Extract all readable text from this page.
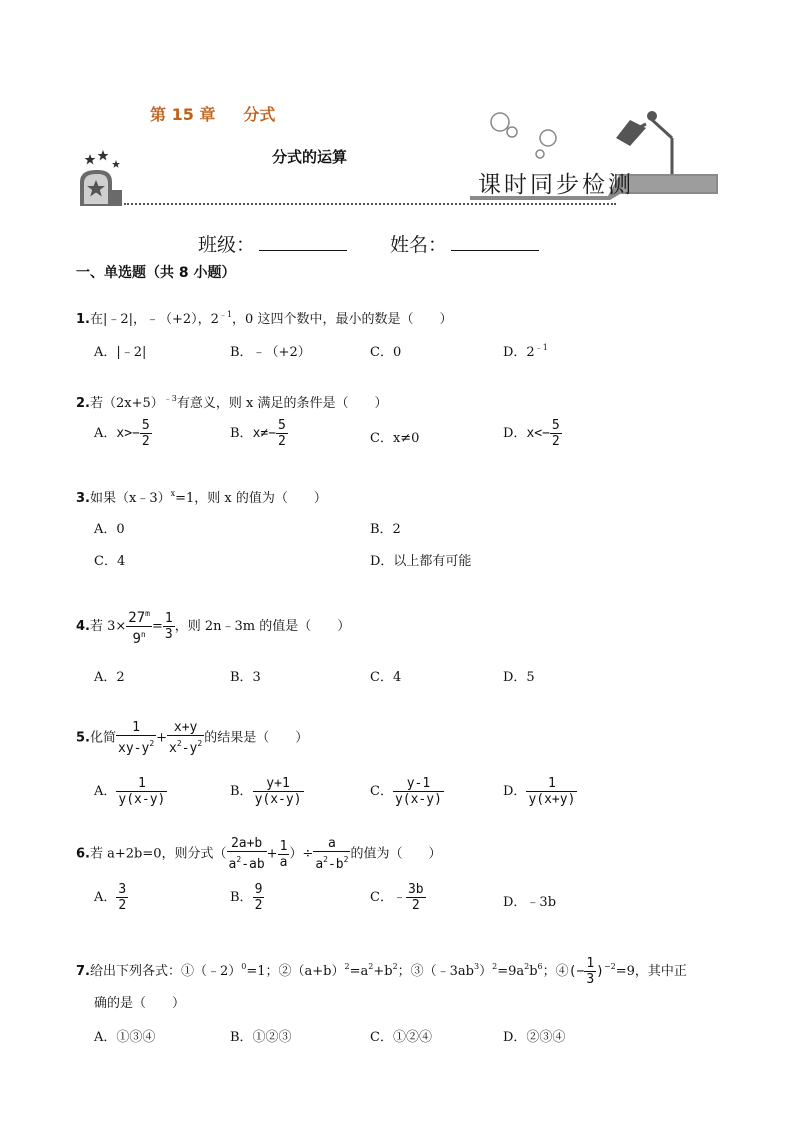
第 15 章 分式
分式的运算
课时同步检测
班级：	姓名：
一、单选题（共 8 小题）
1.在|﹣2|，﹣（+2），$2^{﹣1}$，0 这四个数中，最小的数是（　　）
A．|﹣2|	B．﹣（+2）	C．0	D．$2^{﹣1}$
2.若$(2x+5)^{﹣3}$有意义，则 x 满足的条件是（　　）
A．$x>- \frac{5}{2}$	B．$x\ne- \frac{5}{2}$	C．x≠0	D．$x<- \frac{5}{2}$
3.如果（x﹣3）$^x$=1，则 x 的值为（　　）
A．0	B．2
C．4	D．以上都有可能
4.若 $3\times \frac{27^m}{9^n} = \frac{1}{3}$ ，则 2n﹣3m 的值是（　　）
A．2	B．3	C．4	D．5
5.化简 $\frac{1}{xy-y^2} + \frac{x+y}{x^2-y^2}$ 的结果是（　　）
A． $\frac{1}{y(x-y)}$	B． $\frac{y+1}{y(x-y)}$	C． $\frac{y-1}{y(x-y)}$	D． $\frac{1}{y(x+y)}$
6.若 a+2b=0，则分式（ $\frac{2a+b}{a^2-ab} + \frac{1}{a}$ ）÷ $\frac{a}{a^2-b^2}$ 的值为（　　）
A． $\frac{3}{2}$	B． $\frac{9}{2}$	C．﹣ $\frac{3b}{2}$	D．﹣3b
7.给出下列各式：①（﹣2）$^0$=1；$②(a+b)^2=a^2+b^2$；$③(﹣3ab^3)^2=9a^2b^6$；④(− $\frac{1}{3} )^{-2}=9$，其中正
确的是（　　）
A．①③④	B．①②③	C．①②④	D．②③④
